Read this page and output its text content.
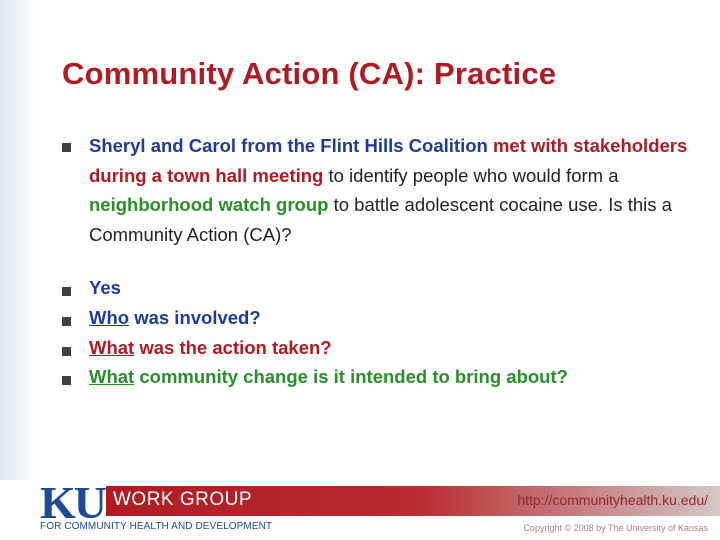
Community Action (CA): Practice
Sheryl and Carol from the Flint Hills Coalition met with stakeholders during a town hall meeting to identify people who would form a neighborhood watch group to battle adolescent cocaine use. Is this a Community Action (CA)?
Yes
Who was involved?
What was the action taken?
What community change is it intended to bring about?
KU WORK GROUP	http://communityhealth.ku.edu/
FOR COMMUNITY HEALTH AND DEVELOPMENT	Copyright © 2008 by The University of Kansas
